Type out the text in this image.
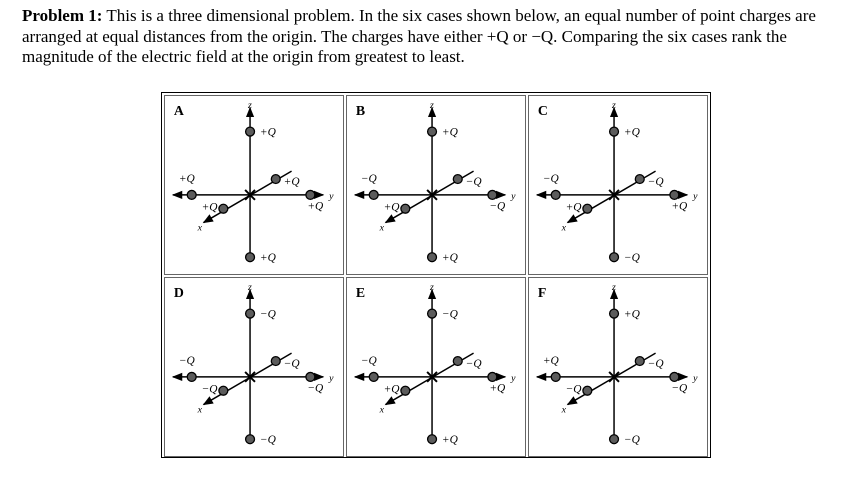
Problem 1: This is a three dimensional problem. In the six cases shown below, an equal number of point charges are arranged at equal distances from the origin. The charges have either +Q or −Q. Comparing the six cases rank the magnitude of the electric field at the origin from greatest to least.

A	z
y
x
+Q
+Q
+Q
+Q
+Q
+Q
B	z
y
x
+Q
+Q
−Q
−Q
+Q
−Q
C	z
y
x
+Q
−Q
−Q
+Q
+Q
−Q
D	z
y
x
−Q
−Q
−Q
−Q
−Q
−Q
E	z
y
x
−Q
+Q
−Q
+Q
+Q
−Q
F	z
y
x
+Q
−Q
+Q
−Q
−Q
−Q
